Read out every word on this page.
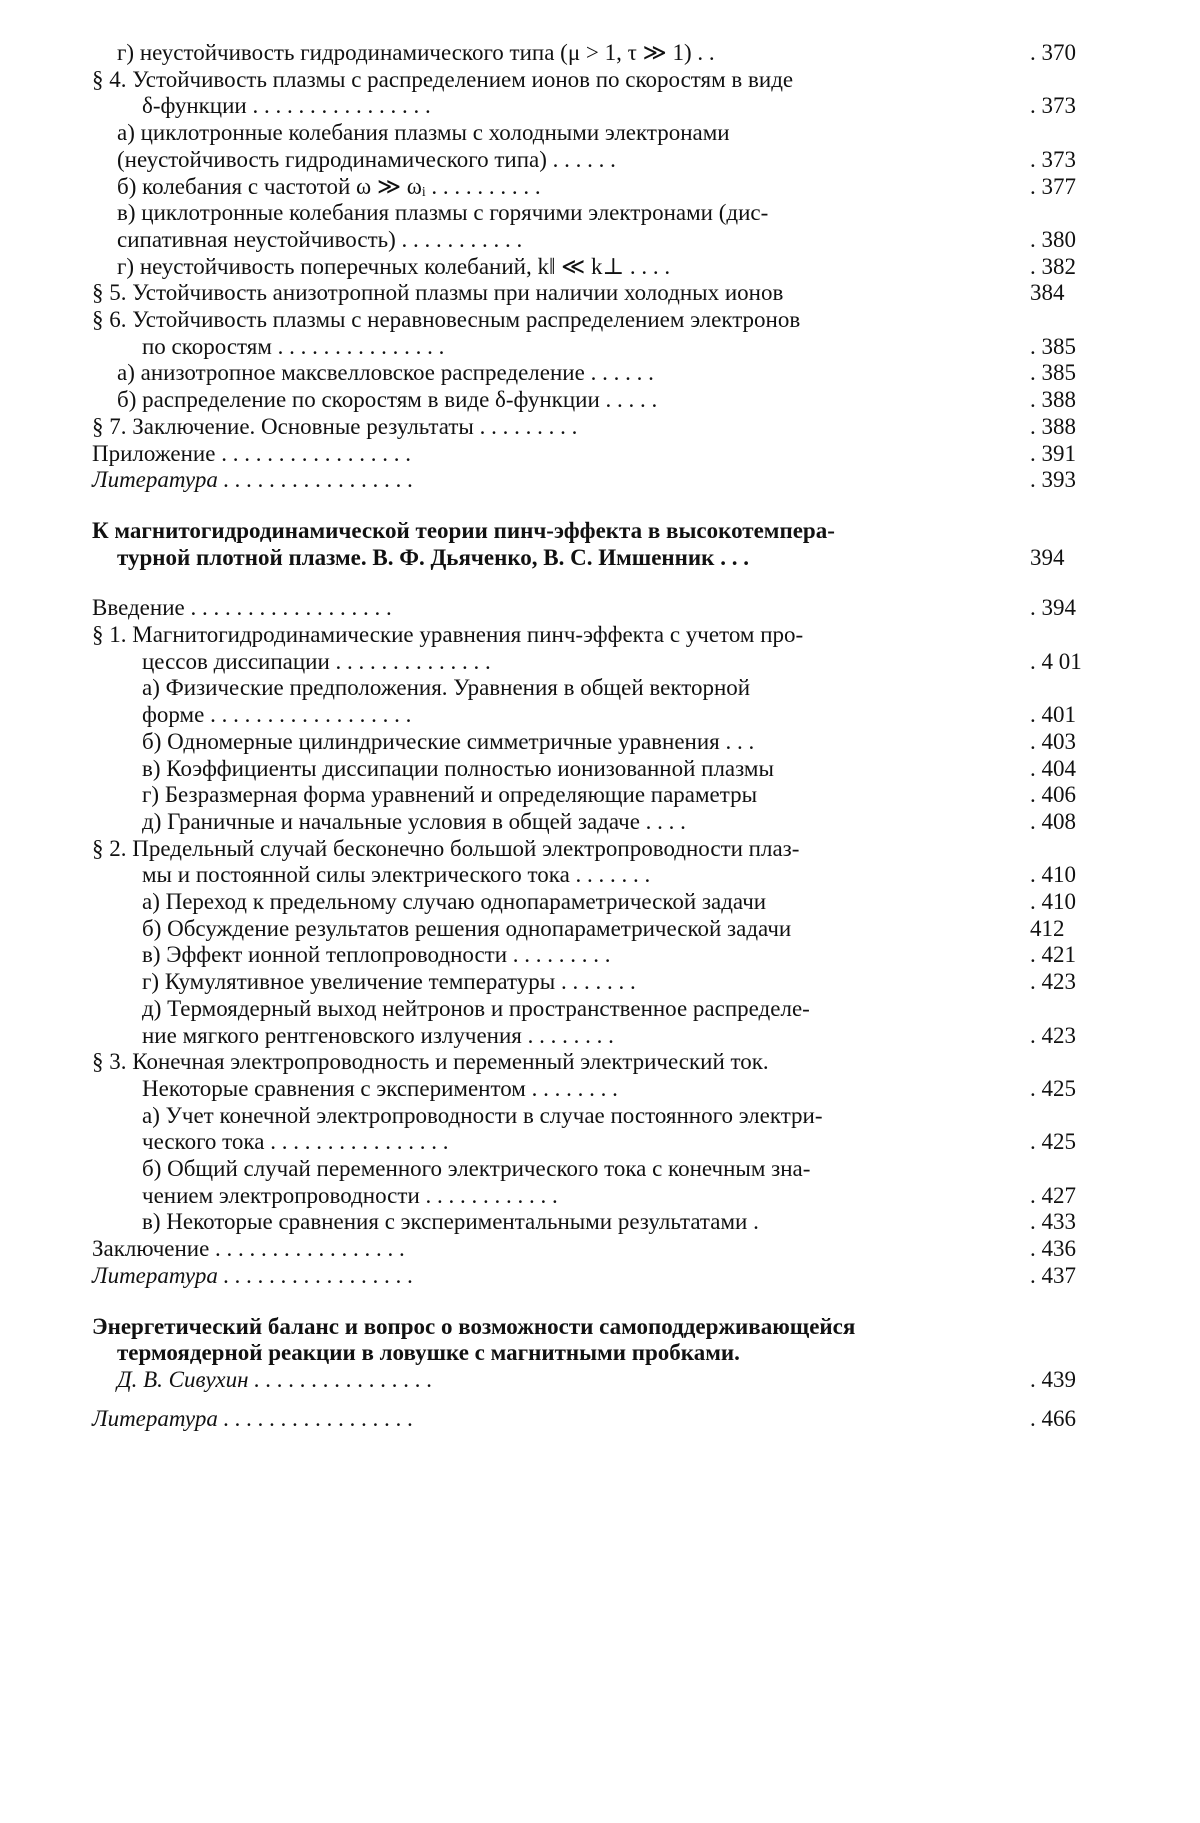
г) неустойчивость гидродинамического типа (μ > 1, τ ≫ 1) . .	. 370
§ 4. Устойчивость плазмы с распределением ионов по скоростям в виде
δ-функции . . . . . . . . . . . . . . . .	. 373
а) циклотронные колебания плазмы с холодными электронами
(неустойчивость гидродинамического типа) . . . . . .	. 373
б) колебания с частотой ω ≫ ωᵢ . . . . . . . . . .	. 377
в) циклотронные колебания плазмы с горячими электронами (дис-
сипативная неустойчивость) . . . . . . . . . . .	. 380
г) неустойчивость поперечных колебаний, k‖ ≪ k⊥ . . . .	. 382
§ 5. Устойчивость анизотропной плазмы при наличии холодных ионов	384
§ 6. Устойчивость плазмы с неравновесным распределением электронов
по скоростям . . . . . . . . . . . . . . .	. 385
а) анизотропное максвелловское распределение . . . . . .	. 385
б) распределение по скоростям в виде δ-функции . . . . .	. 388
§ 7. Заключение. Основные результаты . . . . . . . . .	. 388
Приложение . . . . . . . . . . . . . . . . .	. 391
Литература . . . . . . . . . . . . . . . . .	. 393
К магнитогидродинамической теории пинч-эффекта в высокотемпера-
турной плотной плазме. В. Ф. Дьяченко, В. С. Имшенник . . .	394
Введение . . . . . . . . . . . . . . . . . .	. 394
§ 1. Магнитогидродинамические уравнения пинч-эффекта с учетом про-
цессов диссипации . . . . . . . . . . . . . .	. 4 01
а) Физические предположения. Уравнения в общей векторной
форме . . . . . . . . . . . . . . . . . .	. 401
б) Одномерные цилиндрические симметричные уравнения . . .	. 403
в) Коэффициенты диссипации полностью ионизованной плазмы	. 404
г) Безразмерная форма уравнений и определяющие параметры	. 406
д) Граничные и начальные условия в общей задаче . . . .	. 408
§ 2. Предельный случай бесконечно большой электропроводности плаз-
мы и постоянной силы электрического тока . . . . . . .	. 410
а) Переход к предельному случаю однопараметрической задачи	. 410
б) Обсуждение результатов решения однопараметрической задачи	412
в) Эффект ионной теплопроводности . . . . . . . . .	. 421
г) Кумулятивное увеличение температуры . . . . . . .	. 423
д) Термоядерный выход нейтронов и пространственное распределе-
ние мягкого рентгеновского излучения . . . . . . . .	. 423
§ 3. Конечная электропроводность и переменный электрический ток.
Некоторые сравнения с экспериментом . . . . . . . .	. 425
а) Учет конечной электропроводности в случае постоянного электри-
ческого тока . . . . . . . . . . . . . . . .	. 425
б) Общий случай переменного электрического тока с конечным зна-
чением электропроводности . . . . . . . . . . . .	. 427
в) Некоторые сравнения с экспериментальными результатами .	. 433
Заключение . . . . . . . . . . . . . . . . .	. 436
Литература . . . . . . . . . . . . . . . . .	. 437
Энергетический баланс и вопрос о возможности самоподдерживающейся
термоядерной реакции в ловушке с магнитными пробками.
Д. В. Сивухин . . . . . . . . . . . . . . . .	. 439
Литература . . . . . . . . . . . . . . . . .	. 466
